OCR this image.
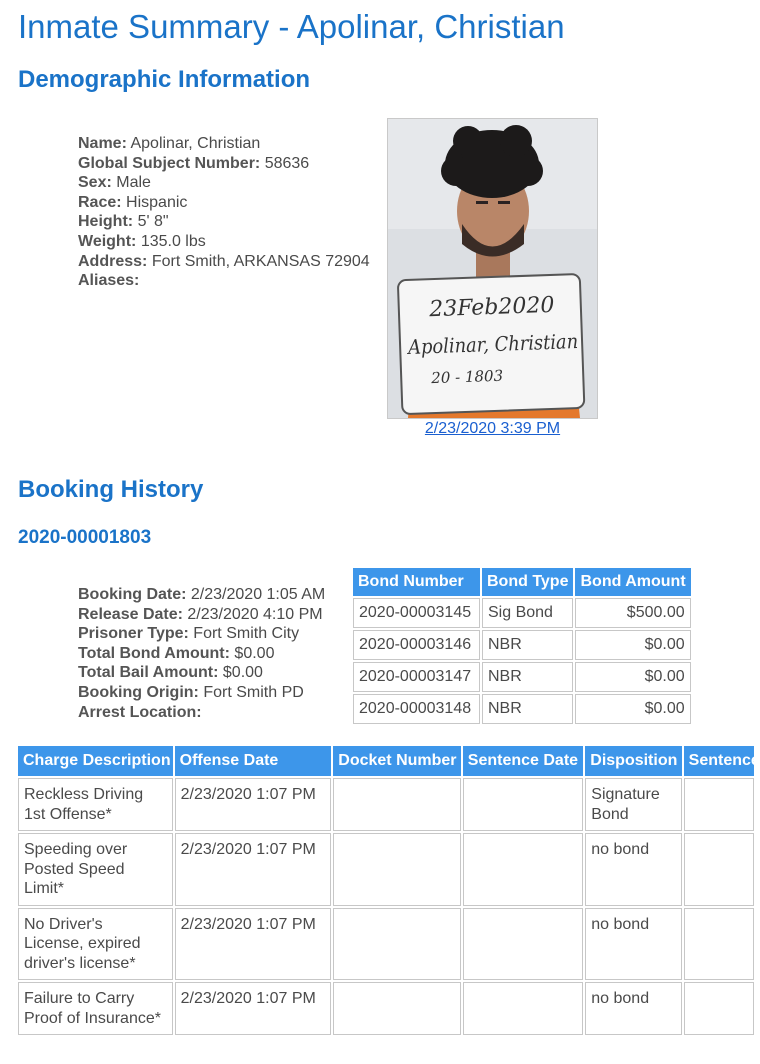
Inmate Summary - Apolinar, Christian
Demographic Information
Name: Apolinar, Christian
Global Subject Number: 58636
Sex: Male
Race: Hispanic
Height: 5' 8"
Weight: 135.0 lbs
Address: Fort Smith, ARKANSAS 72904
Aliases:
23Feb2020
Apolinar, Christian
20 - 1803
2/23/2020 3:39 PM
Booking History
2020-00001803
Booking Date: 2/23/2020 1:05 AM
Release Date: 2/23/2020 4:10 PM
Prisoner Type: Fort Smith City
Total Bond Amount: $0.00
Total Bail Amount: $0.00
Booking Origin: Fort Smith PD
Arrest Location:
Bond Number	Bond Type	Bond Amount
2020-00003145	Sig Bond	$500.00
2020-00003146	NBR	$0.00
2020-00003147	NBR	$0.00
2020-00003148	NBR	$0.00
Charge Description	Offense Date	Docket Number	Sentence Date	Disposition	Sentence
Reckless Driving 1st Offense*	2/23/2020 1:07 PM			Signature Bond	
Speeding over Posted Speed Limit*	2/23/2020 1:07 PM			no bond	
No Driver's License, expired driver's license*	2/23/2020 1:07 PM			no bond	
Failure to Carry Proof of Insurance*	2/23/2020 1:07 PM			no bond	
